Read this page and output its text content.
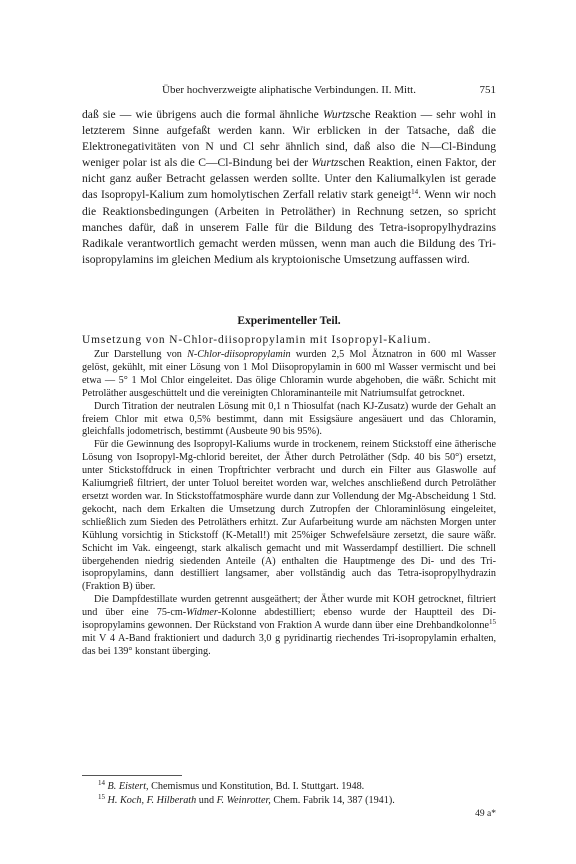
Über hochverzweigte aliphatische Verbindungen. II. Mitt.	751

daß sie — wie übrigens auch die formal ähnliche Wurtzsche Reaktion — sehr wohl in letzterem Sinne aufgefaßt werden kann. Wir erblicken in der Tatsache, daß die Elektronegativitäten von N und Cl sehr ähnlich sind, daß also die N—Cl-Bindung weniger polar ist als die C—Cl-Bindung bei der Wurtzschen Reaktion, einen Faktor, der nicht ganz außer Betracht gelassen werden sollte. Unter den Kaliumalkylen ist gerade das Isopropyl-Kalium zum homolytischen Zerfall relativ stark geneigt$^{14}$. Wenn wir noch die Reaktionsbedingungen (Arbeiten in Petroläther) in Rechnung setzen, so spricht manches dafür, daß in unserem Falle für die Bildung des Tetra-isopropylhydrazins Radikale verantwortlich gemacht werden müssen, wenn man auch die Bildung des Tri-isopropylamins im gleichen Medium als kryptoionische Umsetzung auffassen wird.

Experimenteller Teil.
Umsetzung von N-Chlor-diisopropylamin mit Isopropyl-Kalium.

Zur Darstellung von N-Chlor-diisopropylamin wurden 2,5 Mol Ätznatron in 600 ml Wasser gelöst, gekühlt, mit einer Lösung von 1 Mol Diisopropylamin in 600 ml Wasser vermischt und bei etwa — 5° 1 Mol Chlor eingeleitet. Das ölige Chloramin wurde abgehoben, die wäßr. Schicht mit Petroläther ausgeschüttelt und die vereinigten Chloraminanteile mit Natriumsulfat getrocknet.

Durch Titration der neutralen Lösung mit 0,1 n Thiosulfat (nach KJ-Zusatz) wurde der Gehalt an freiem Chlor mit etwa 0,5% bestimmt, dann mit Essigsäure angesäuert und das Chloramin, gleichfalls jodometrisch, bestimmt (Ausbeute 90 bis 95%).

Für die Gewinnung des Isopropyl-Kaliums wurde in trockenem, reinem Stickstoff eine ätherische Lösung von Isopropyl-Mg-chlorid bereitet, der Äther durch Petroläther (Sdp. 40 bis 50°) ersetzt, unter Stickstoffdruck in einen Tropftrichter verbracht und durch ein Filter aus Glaswolle auf Kaliumgrieß filtriert, der unter Toluol bereitet worden war, welches anschließend durch Petroläther ersetzt worden war. In Stickstoffatmosphäre wurde dann zur Vollendung der Mg-Abscheidung 1 Std. gekocht, nach dem Erkalten die Umsetzung durch Zutropfen der Chloraminlösung eingeleitet, schließlich zum Sieden des Petroläthers erhitzt. Zur Aufarbeitung wurde am nächsten Morgen unter Kühlung vorsichtig in Stickstoff (K-Metall!) mit 25%iger Schwefelsäure zersetzt, die saure wäßr. Schicht im Vak. eingeengt, stark alkalisch gemacht und mit Wasserdampf destilliert. Die schnell übergehenden niedrig siedenden Anteile (A) enthalten die Hauptmenge des Di- und des Tri-isopropylamins, dann destilliert langsamer, aber vollständig auch das Tetra-isopropylhydrazin (Fraktion B) über.

Die Dampfdestillate wurden getrennt ausgeäthert; der Äther wurde mit KOH getrocknet, filtriert und über eine 75-cm-Widmer-Kolonne abdestilliert; ebenso wurde der Hauptteil des Di-isopropylamins gewonnen. Der Rückstand von Fraktion A wurde dann über eine Drehbandkolonne$^{15}$ mit V 4 A-Band fraktioniert und dadurch 3,0 g pyridinartig riechendes Tri-isopropylamin erhalten, das bei 139° konstant überging.

$^{14}$ B. Eistert, Chemismus und Konstitution, Bd. I. Stuttgart. 1948.
$^{15}$ H. Koch, F. Hilberath und F. Weinrotter, Chem. Fabrik 14, 387 (1941).
49 a*
